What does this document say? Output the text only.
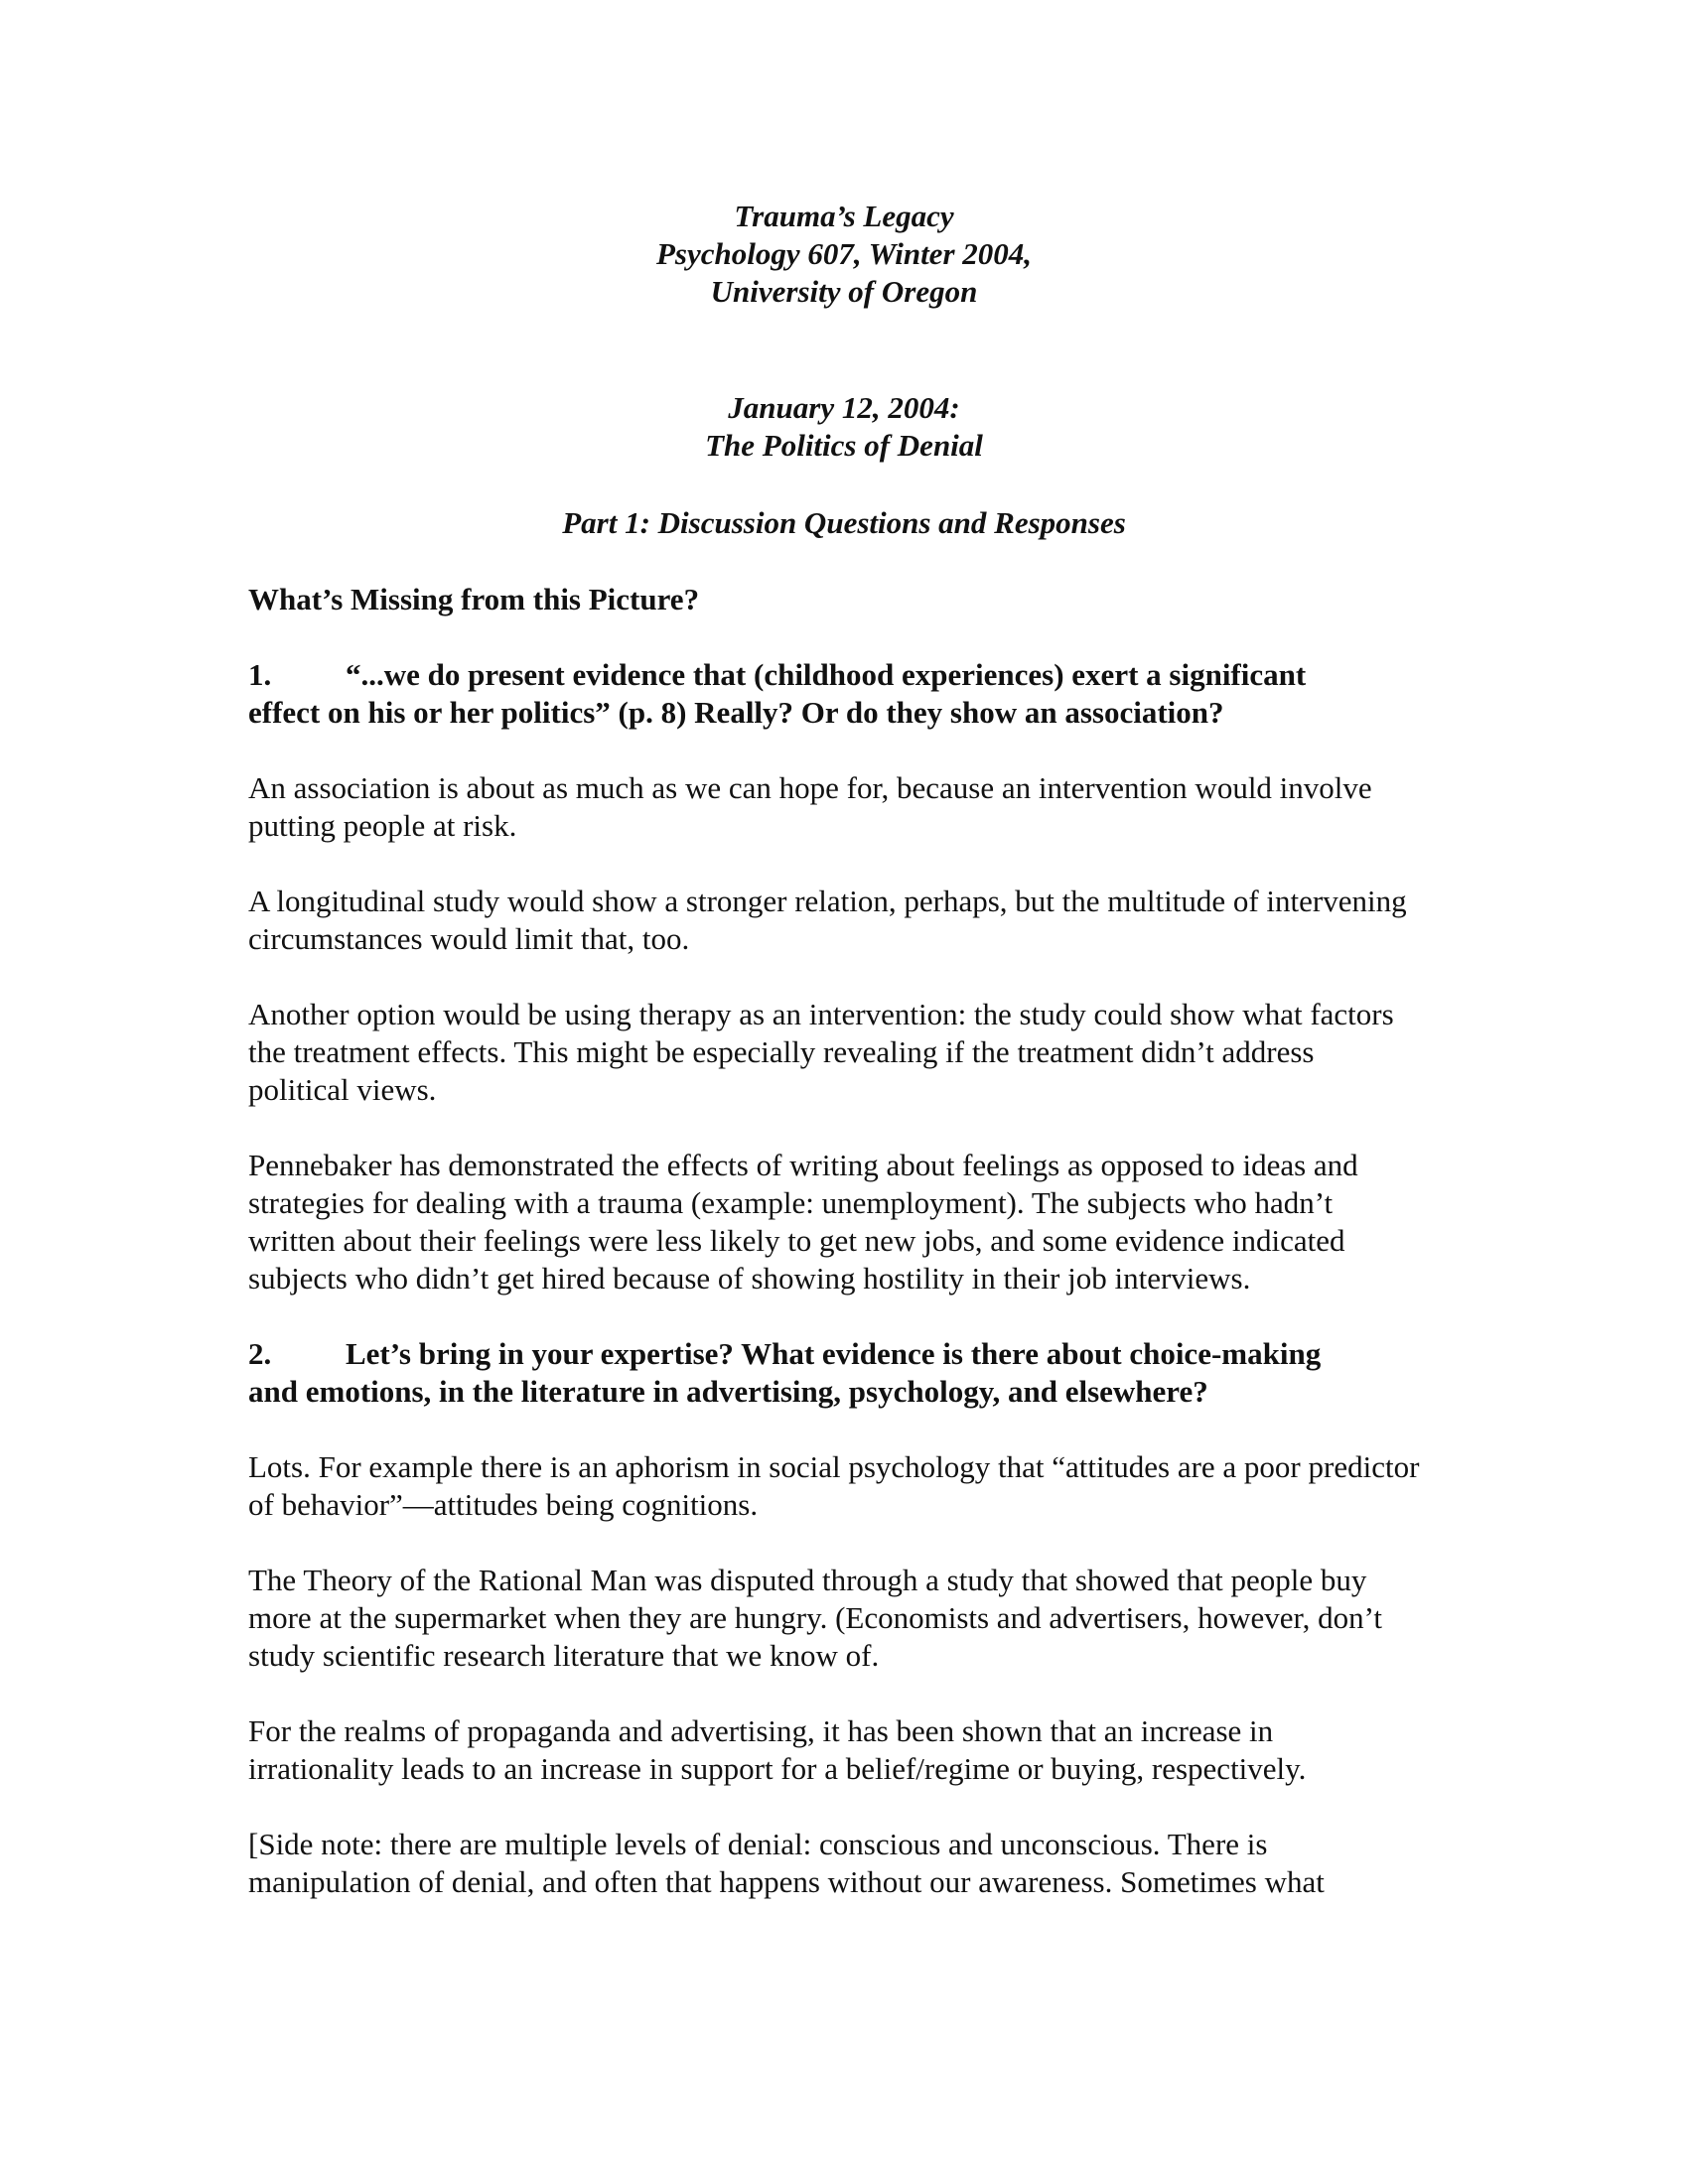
Trauma’s Legacy
Psychology 607, Winter 2004,
University of Oregon
January 12, 2004:
The Politics of Denial
Part 1: Discussion Questions and Responses

What’s Missing from this Picture?

1. “...we do present evidence that (childhood experiences) exert a significant
effect on his or her politics” (p. 8) Really? Or do they show an association?

An association is about as much as we can hope for, because an intervention would involve putting people at risk.

A longitudinal study would show a stronger relation, perhaps, but the multitude of intervening circumstances would limit that, too.

Another option would be using therapy as an intervention: the study could show what factors the treatment effects. This might be especially revealing if the treatment didn’t address political views.

Pennebaker has demonstrated the effects of writing about feelings as opposed to ideas and strategies for dealing with a trauma (example: unemployment). The subjects who hadn’t written about their feelings were less likely to get new jobs, and some evidence indicated subjects who didn’t get hired because of showing hostility in their job interviews.

2. Let’s bring in your expertise? What evidence is there about choice-making
and emotions, in the literature in advertising, psychology, and elsewhere?

Lots. For example there is an aphorism in social psychology that “attitudes are a poor predictor of behavior”—attitudes being cognitions.

The Theory of the Rational Man was disputed through a study that showed that people buy more at the supermarket when they are hungry. (Economists and advertisers, however, don’t study scientific research literature that we know of.

For the realms of propaganda and advertising, it has been shown that an increase in irrationality leads to an increase in support for a belief/regime or buying, respectively.

[Side note: there are multiple levels of denial: conscious and unconscious. There is manipulation of denial, and often that happens without our awareness. Sometimes what
